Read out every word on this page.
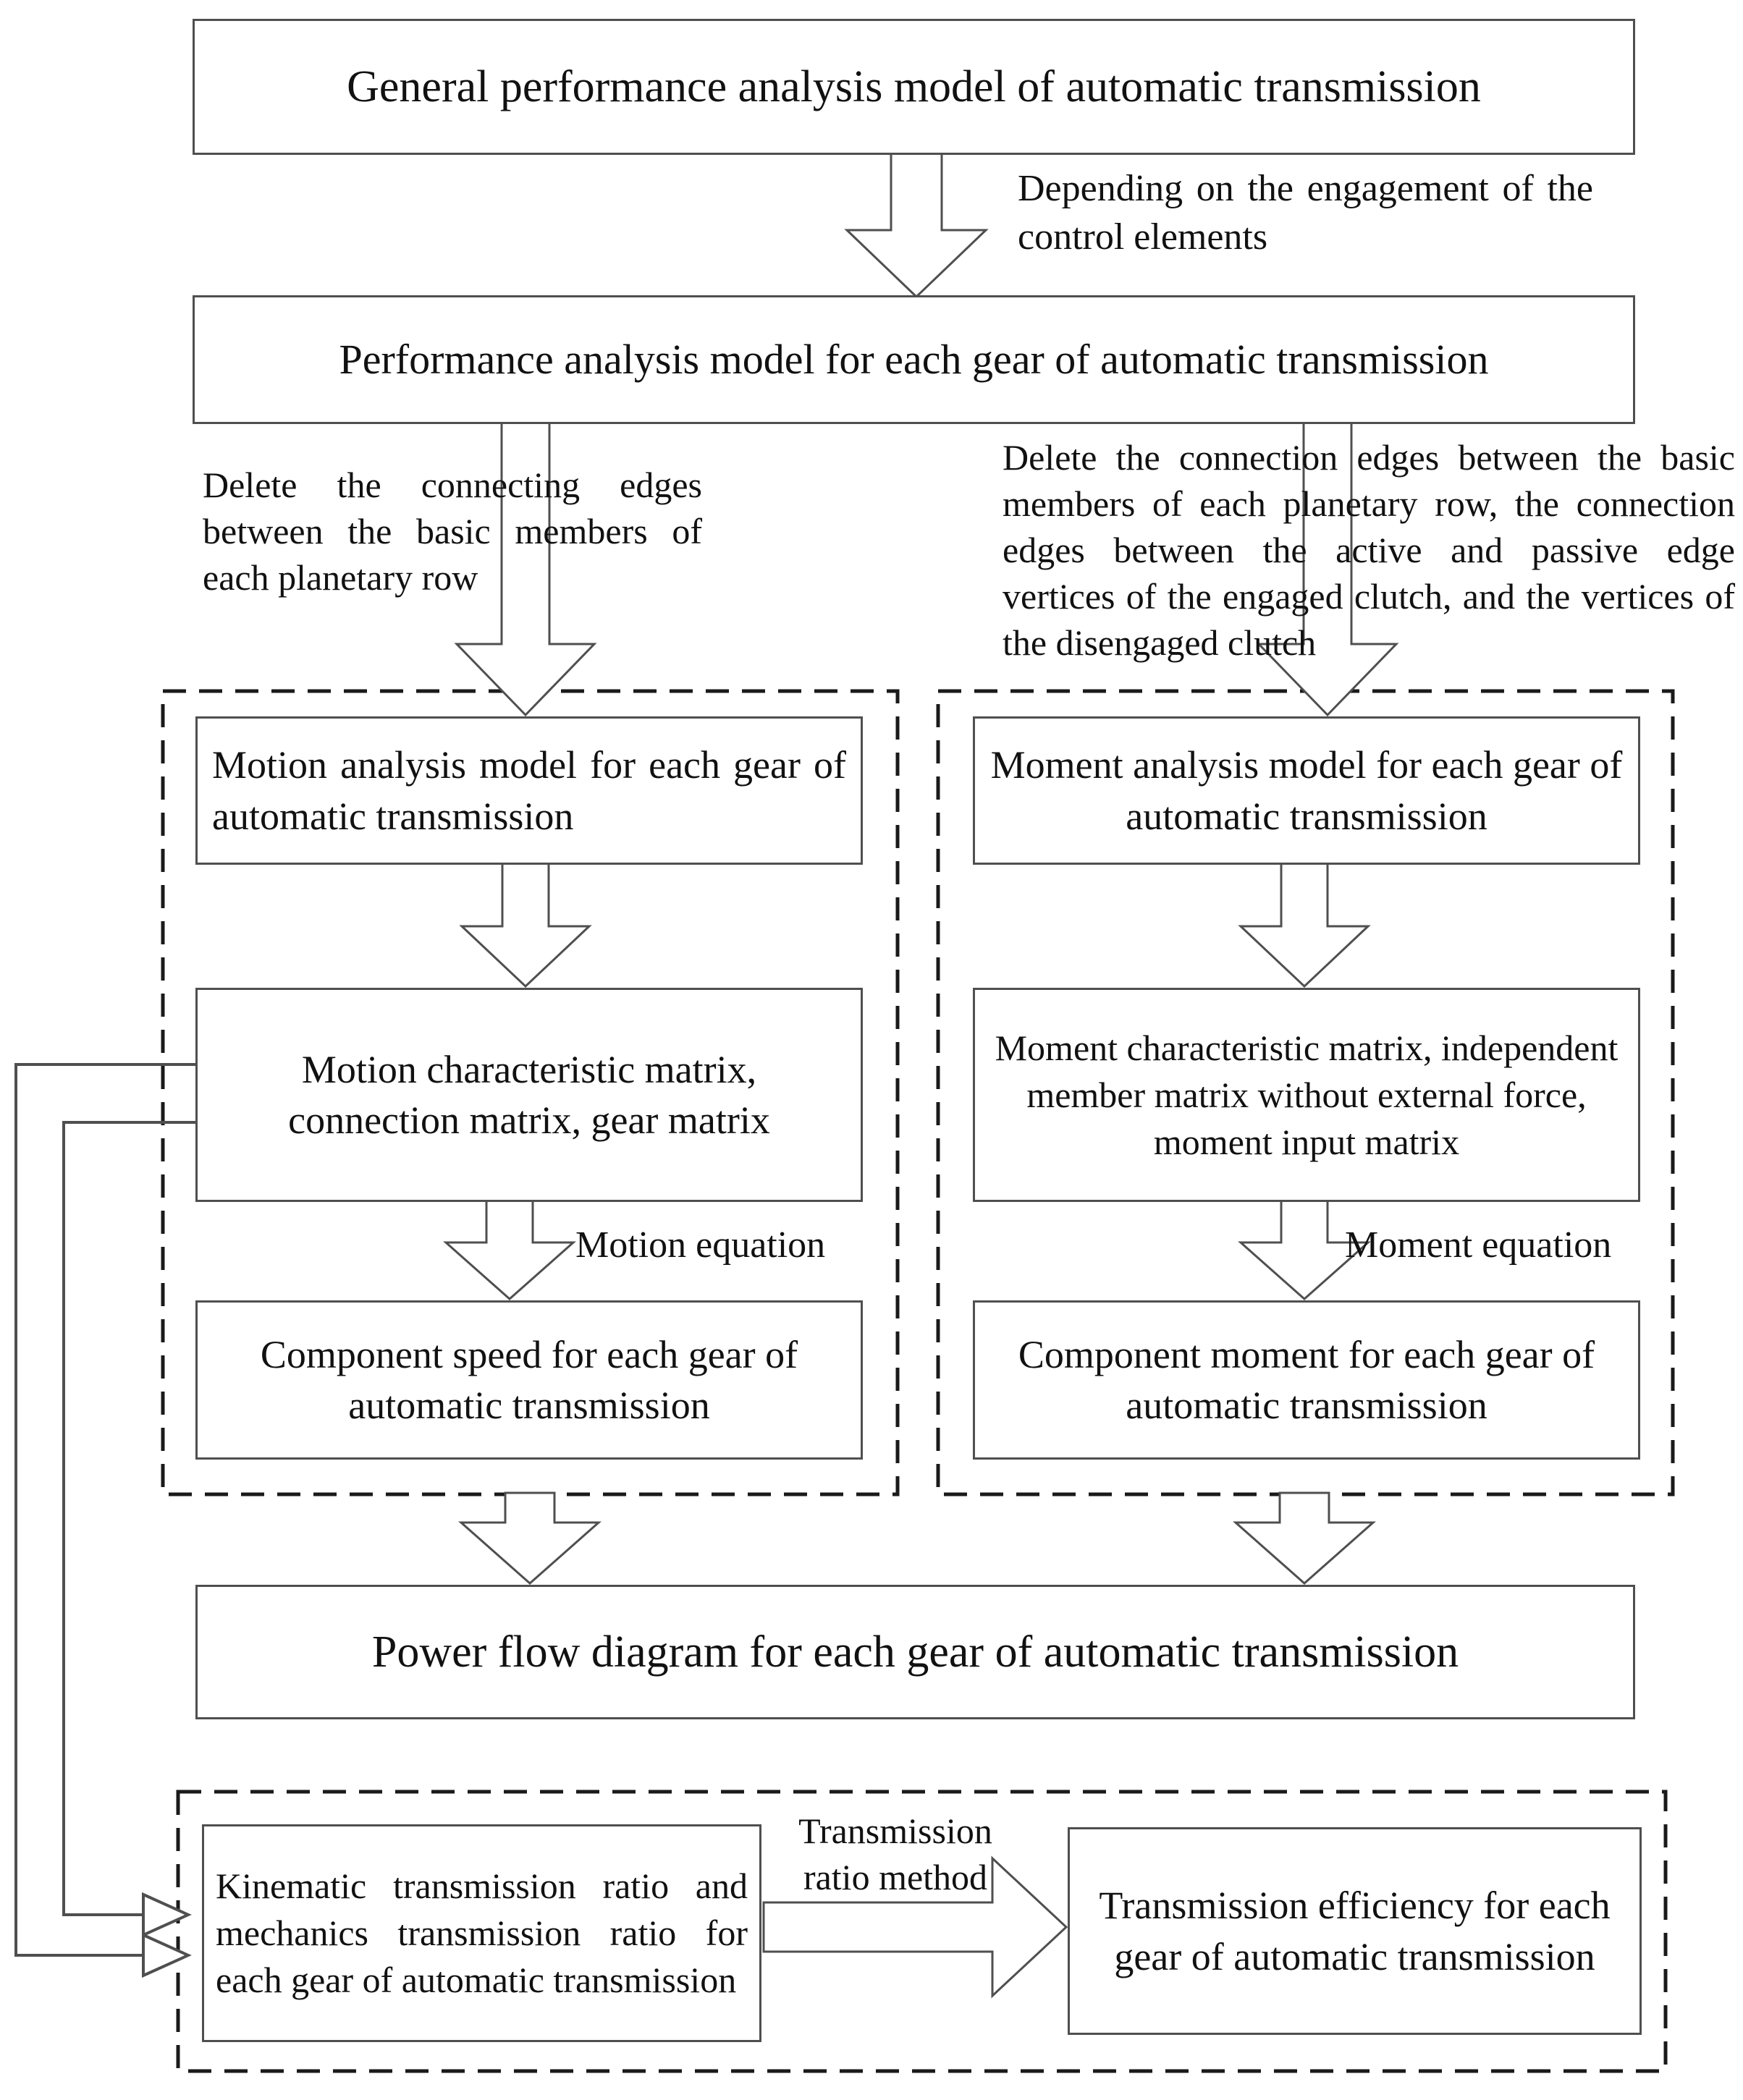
General performance analysis model of automatic transmission
Depending on the engagement of the control elements
Performance analysis model for each gear of automatic transmission
Delete the connecting edges between the basic members of each planetary row
Delete the connection edges between the basic members of each planetary row, the connection edges between the active and passive edge vertices of the engaged clutch, and the vertices of the disengaged clutch
Motion analysis model for each gear of automatic transmission
Motion characteristic matrix, connection matrix, gear matrix
Motion equation
Component speed for each gear of automatic transmission
Moment analysis model for each gear of automatic transmission
Moment characteristic matrix, independent member matrix without external force, moment input matrix
Moment equation
Component moment for each gear of automatic transmission
Power flow diagram for each gear of automatic transmission
Kinematic transmission ratio and mechanics transmission ratio for each gear of automatic transmission
Transmission ratio method
Transmission efficiency for each gear of automatic transmission
